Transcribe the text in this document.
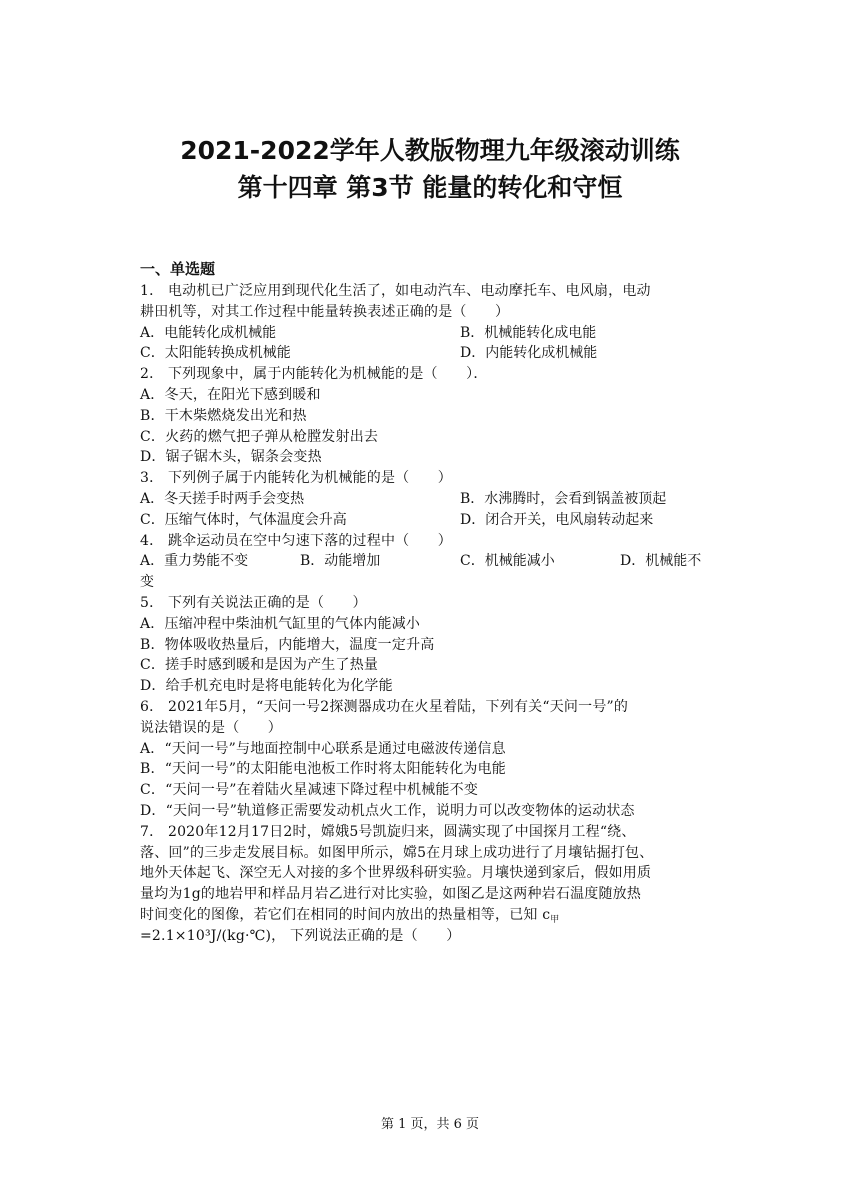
2021-2022学年人教版物理九年级滚动训练
第十四章 第3节 能量的转化和守恒
一、单选题
1． 电动机已广泛应用到现代化生活了，如电动汽车、电动摩托车、电风扇，电动
耕田机等，对其工作过程中能量转换表述正确的是（　　）
A．电能转化成机械能	B．机械能转化成电能
C．太阳能转换成机械能	D．内能转化成机械能
2． 下列现象中，属于内能转化为机械能的是（　　）．
A．冬天，在阳光下感到暖和
B．干木柴燃烧发出光和热
C．火药的燃气把子弹从枪膛发射出去
D．锯子锯木头，锯条会变热
3． 下列例子属于内能转化为机械能的是（　　）
A．冬天搓手时两手会变热	B．水沸腾时，会看到锅盖被顶起
C．压缩气体时，气体温度会升高	D．闭合开关，电风扇转动起来
4． 跳伞运动员在空中匀速下落的过程中（　　）
A．重力势能不变	B．动能增加	C．机械能减小	D．机械能不
变
5． 下列有关说法正确的是（　　）
A．压缩冲程中柴油机气缸里的气体内能减小
B．物体吸收热量后，内能增大，温度一定升高
C．搓手时感到暖和是因为产生了热量
D．给手机充电时是将电能转化为化学能
6． 2021年5月，“天问一号2探测器成功在火星着陆，下列有关“天问一号”的
说法错误的是（　　）
A．“天问一号”与地面控制中心联系是通过电磁波传递信息
B．“天问一号”的太阳能电池板工作时将太阳能转化为电能
C．“天问一号”在着陆火星减速下降过程中机械能不变
D．“天问一号”轨道修正需要发动机点火工作，说明力可以改变物体的运动状态
7． 2020年12月17日2时，嫦娥5号凯旋归来，圆满实现了中国探月工程“绕、
落、回”的三步走发展目标。如图甲所示，嫦5在月球上成功进行了月壤钻掘打包、
地外天体起飞、深空无人对接的多个世界级科研实验。月壤快递到家后，假如用质
量均为1g的地岩甲和样品月岩乙进行对比实验，如图乙是这两种岩石温度随放热
时间变化的图像，若它们在相同的时间内放出的热量相等，已知 $c_甲$
=2.1×10³J/(kg·℃)， 下列说法正确的是（　　）
第 1 页，共 6 页
